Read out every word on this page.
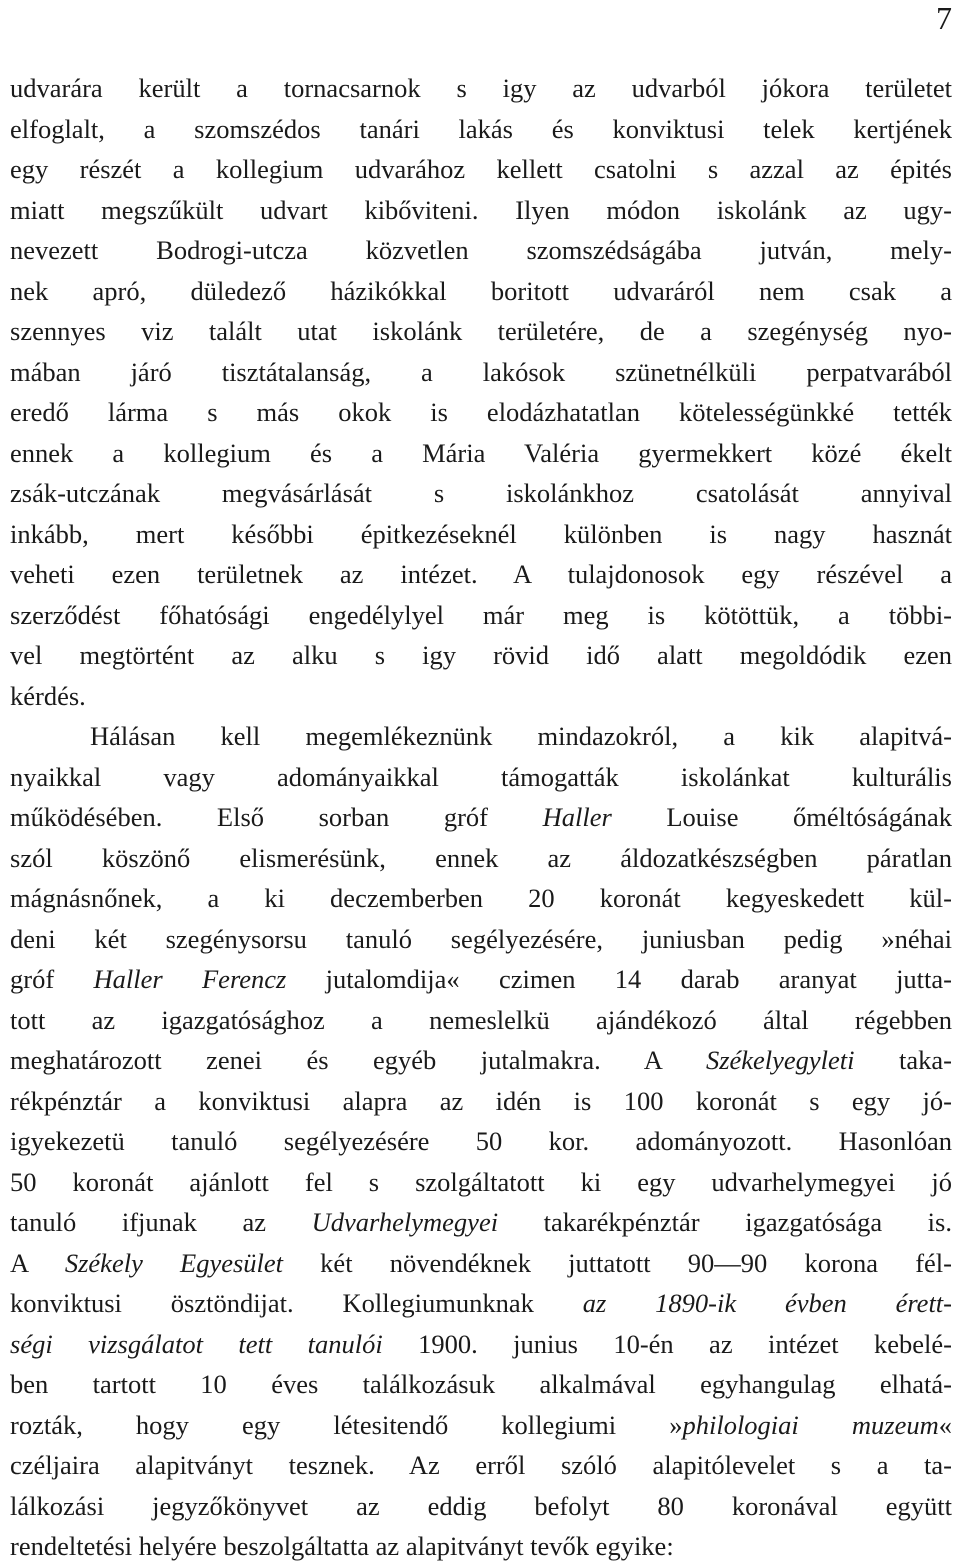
7
udvarára került a tornacsarnok s igy az udvarból jókora területet
elfoglalt, a szomszédos tanári lakás és konviktusi telek kertjének
egy részét a kollegium udvarához kellett csatolni s azzal az épités
miatt megszűkült udvart kibőviteni. Ilyen módon iskolánk az ugy-
nevezett Bodrogi-utcza közvetlen szomszédságába jutván, mely-
nek apró, düledező házikókkal boritott udvaráról nem csak a
szennyes viz talált utat iskolánk területére, de a szegénység nyo-
mában járó tisztátalanság, a lakósok szünetnélküli perpatvarából
eredő lárma s más okok is elodázhatatlan kötelességünkké tették
ennek a kollegium és a Mária Valéria gyermekkert közé ékelt
zsák-utczának megvásárlását s iskolánkhoz csatolását annyival
inkább, mert későbbi épitkezéseknél különben is nagy hasznát
veheti ezen területnek az intézet. A tulajdonosok egy részével a
szerződést főhatósági engedélylyel már meg is kötöttük, a többi-
vel megtörtént az alku s igy rövid idő alatt megoldódik ezen
kérdés.
Hálásan kell megemlékeznünk mindazokról, a kik alapitvá-
nyaikkal vagy adományaikkal támogatták iskolánkat kulturális
működésében. Első sorban gróf Haller Louise őméltóságának
szól köszönő elismerésünk, ennek az áldozatkészségben páratlan
mágnásnőnek, a ki deczemberben 20 koronát kegyeskedett kül-
deni két szegénysorsu tanuló segélyezésére, juniusban pedig »néhai
gróf Haller Ferencz jutalomdija« czimen 14 darab aranyat jutta-
tott az igazgatósághoz a nemeslelkü ajándékozó által régebben
meghatározott zenei és egyéb jutalmakra. A Székelyegyleti taka-
rékpénztár a konviktusi alapra az idén is 100 koronát s egy jó-
igyekezetü tanuló segélyezésére 50 kor. adományozott. Hasonlóan
50 koronát ajánlott fel s szolgáltatott ki egy udvarhelymegyei jó
tanuló ifjunak az Udvarhelymegyei takarékpénztár igazgatósága is.
A Székely Egyesület két növendéknek juttatott 90—90 korona fél-
konviktusi ösztöndijat. Kollegiumunknak az 1890-ik évben érett-
ségi vizsgálatot tett tanulói 1900. junius 10-én az intézet kebelé-
ben tartott 10 éves találkozásuk alkalmával egyhangulag elhatá-
rozták, hogy egy létesitendő kollegiumi »philologiai muzeum«
czéljaira alapitványt tesznek. Az erről szóló alapitólevelet s a ta-
lálkozási jegyzőkönyvet az eddig befolyt 80 koronával együtt
rendeltetési helyére beszolgáltatta az alapitványt tevők egyike:
